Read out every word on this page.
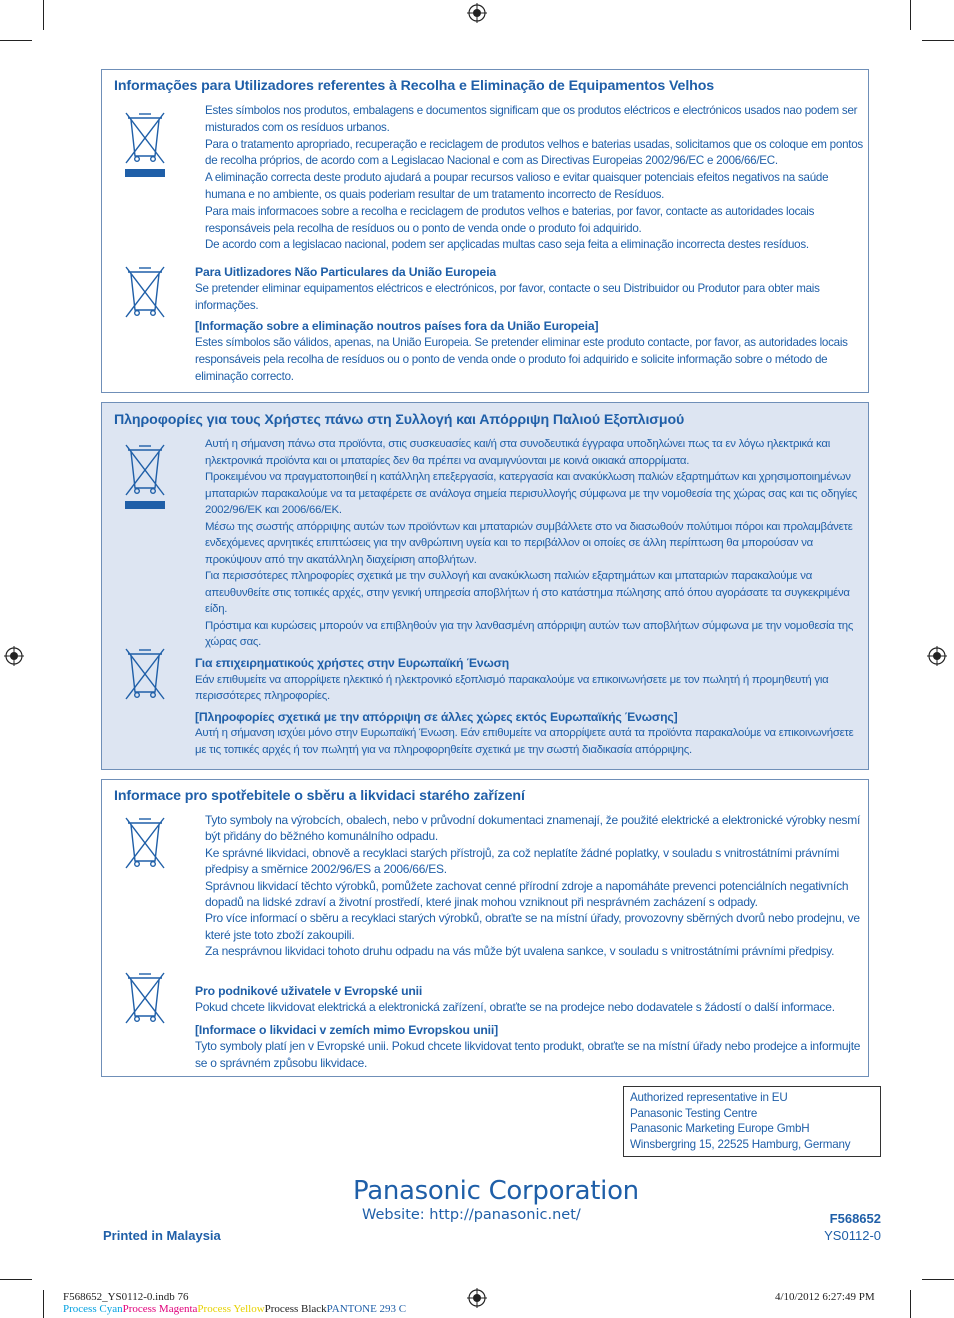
Informações para Utilizadores referentes à Recolha e Eliminação de Equipamentos Velhos

Estes símbolos nos produtos, embalagens e documentos significam que os produtos eléctricos e electrónicos usados nao podem ser misturados com os resíduos urbanos.

Para o tratamento apropriado, recuperação e reciclagem de produtos velhos e baterias usadas, solicitamos que os coloque em pontos de recolha próprios, de acordo com a Legislacao Nacional e com as Directivas Europeias 2002/96/EC e 2006/66/EC.

A eliminação correcta deste produto ajudará a poupar recursos valioso e evitar quaisquer potenciais efeitos negativos na saúde humana e no ambiente, os quais poderiam resultar de um tratamento incorrecto de Resíduos.

Para mais informacoes sobre a recolha e reciclagem de produtos velhos e baterias, por favor, contacte as autoridades locais responsáveis pela recolha de resíduos ou o ponto de venda onde o produto foi adquirido.

De acordo com a legislacao nacional, podem ser apçlicadas multas caso seja feita a eliminação incorrecta destes resíduos.

Para Uitlizadores Não Particulares da União Europeia

Se pretender eliminar equipamentos eléctricos e electrónicos, por favor, contacte o seu Distribuidor ou Produtor para obter mais informações.

[Informação sobre a eliminação noutros países fora da União Europeia]

Estes símbolos são válidos, apenas, na União Europeia. Se pretender eliminar este produto contacte, por favor, as autoridades locais responsáveis pela recolha de resíduos ou o ponto de venda onde o produto foi adquirido e solicite informação sobre o método de eliminação correcto.

Πληροφορίες για τους Χρήστες πάνω στη Συλλογή και Απόρριψη Παλιού Εξοπλισμού

Αυτή η σήμανση πάνω στα προϊόντα, στις συσκευασίες και/ή στα συνοδευτικά έγγραφα υποδηλώνει πως τα εν λόγω ηλεκτρικά και ηλεκτρονικά προϊόντα και οι μπαταρίες δεν θα πρέπει να αναμιγνύονται με κοινά οικιακά απορρίματα.

Προκειμένου να πραγματοποιηθεί η κατάλληλη επεξεργασία, κατεργασία και ανακύκλωση παλιών εξαρτημάτων και χρησιμοποιημένων μπαταριών παρακαλούμε να τα μεταφέρετε σε ανάλογα σημεία περισυλλογής σύμφωνα με την νομοθεσία της χώρας σας και τις οδηγίες 2002/96/ΕΚ και 2006/66/ΕΚ.

Μέσω της σωστής απόρριψης αυτών των προϊόντων και μπαταριών συμβάλλετε στο να διασωθούν πολύτιμοι πόροι και προλαμβάνετε ενδεχόμενες αρνητικές επιπτώσεις για την ανθρώπινη υγεία και το περιβάλλον οι οποίες σε άλλη περίπτωση θα μπορούσαν να προκύψουν από την ακατάλληλη διαχείριση αποβλήτων.

Για περισσότερες πληροφορίες σχετικά με την συλλογή και ανακύκλωση παλιών εξαρτημάτων και μπαταριών παρακαλούμε να απευθυνθείτε στις τοπικές αρχές, στην γενική υπηρεσία αποβλήτων ή στο κατάστημα πώλησης από όπου αγοράσατε τα συγκεκριμένα είδη.

Πρόστιμα και κυρώσεις μπορούν να επιβληθούν για την λανθασμένη απόρριψη αυτών των αποβλήτων σύμφωνα με την νομοθεσία της χώρας σας.

Για επιχειρηματικούς χρήστες στην Ευρωπαϊκή Ένωση

Εάν επιθυμείτε να απορρίψετε ηλεκτικό ή ηλεκτρονικό εξοπλισμό παρακαλούμε να επικοινωνήσετε με τον πωλητή ή προμηθευτή για περισσότερες πληροφορίες.

[Πληροφορίες σχετικά με την απόρριψη σε άλλες χώρες εκτός Ευρωπαϊκής Ένωσης]

Αυτή η σήμανση ισχύει μόνο στην Ευρωπαϊκή Ένωση. Εάν επιθυμείτε να απορρίψετε αυτά τα προϊόντα παρακαλούμε να επικοινωνήσετε με τις τοπικές αρχές ή τον πωλητή για να πληροφορηθείτε σχετικά με την σωστή διαδικασία απόρριψης.

Informace pro spotřebitele o sběru a likvidaci starého zařízení

Tyto symboly na výrobcích, obalech, nebo v průvodní dokumentaci znamenají, že použité elektrické a elektronické výrobky nesmí být přidány do běžného komunálního odpadu.

Ke správné likvidaci, obnově a recyklaci starých přístrojů, za což neplatíte žádné poplatky, v souladu s vnitrostátními právními předpisy a směrnice 2002/96/ES a 2006/66/ES.

Správnou likvidací těchto výrobků, pomůžete zachovat cenné přírodní zdroje a napomáháte prevenci potenciálních negativních dopadů na lidské zdraví a životní prostředí, které jinak mohou vzniknout při nesprávném zacházení s odpady.

Pro více informací o sběru a recyklaci starých výrobků, obraťte se na místní úřady, provozovny sběrných dvorů nebo prodejnu, ve které jste toto zboží zakoupili.

Za nesprávnou likvidaci tohoto druhu odpadu na vás může být uvalena sankce, v souladu s vnitrostátními právními předpisy.

Pro podnikové uživatele v Evropské unii

Pokud chcete likvidovat elektrická a elektronická zařízení, obraťte se na prodejce nebo dodavatele s žádostí o další informace.

[Informace o likvidaci v zemích mimo Evropskou unii]

Tyto symboly platí jen v Evropské unii. Pokud chcete likvidovat tento produkt, obraťte se na místní úřady nebo prodejce a informujte se o správném způsobu likvidace.

Authorized representative in EU
Panasonic Testing Centre
Panasonic Marketing Europe GmbH
Winsbergring 15, 22525 Hamburg, Germany
Panasonic Corporation
Website: http://panasonic.net/
Printed in Malaysia
F568652
YS0112-0
F568652_YS0112-0.indb 76	4/10/2012 6:27:49 PM
Process CyanProcess MagentaProcess YellowProcess BlackPANTONE 293 C
